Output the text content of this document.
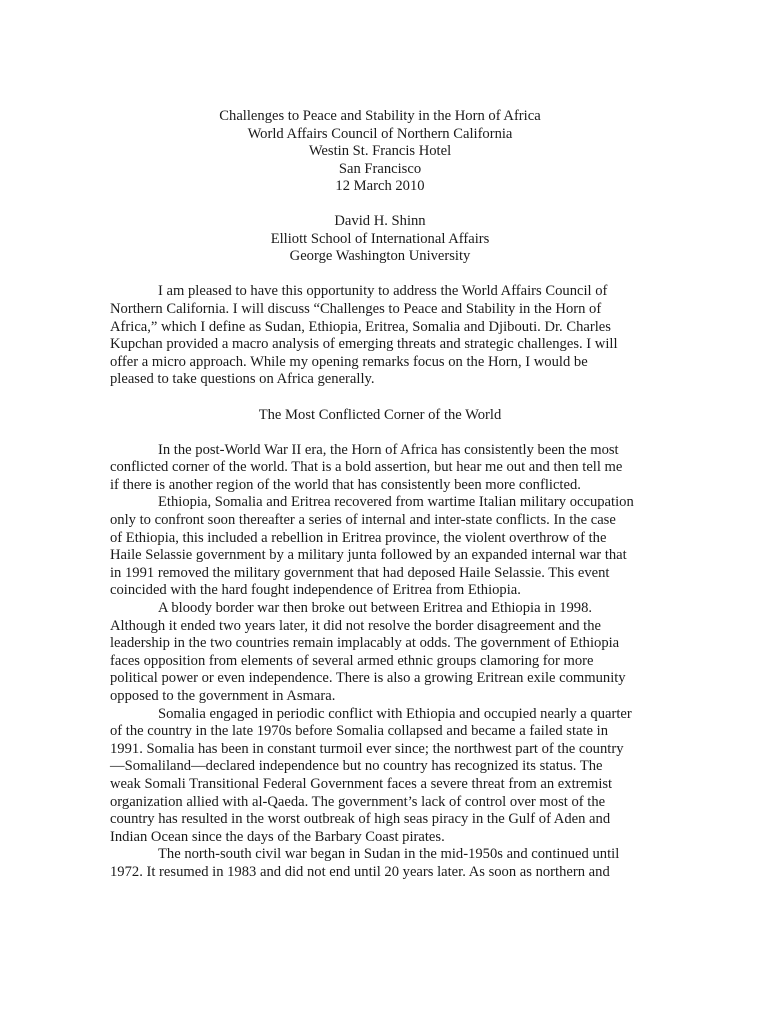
Challenges to Peace and Stability in the Horn of Africa
World Affairs Council of Northern California
Westin St. Francis Hotel
San Francisco
12 March 2010
David H. Shinn
Elliott School of International Affairs
George Washington University
I am pleased to have this opportunity to address the World Affairs Council of
Northern California. I will discuss “Challenges to Peace and Stability in the Horn of
Africa,” which I define as Sudan, Ethiopia, Eritrea, Somalia and Djibouti. Dr. Charles
Kupchan provided a macro analysis of emerging threats and strategic challenges. I will
offer a micro approach. While my opening remarks focus on the Horn, I would be
pleased to take questions on Africa generally.
The Most Conflicted Corner of the World
In the post-World War II era, the Horn of Africa has consistently been the most
conflicted corner of the world. That is a bold assertion, but hear me out and then tell me
if there is another region of the world that has consistently been more conflicted.
Ethiopia, Somalia and Eritrea recovered from wartime Italian military occupation
only to confront soon thereafter a series of internal and inter-state conflicts. In the case
of Ethiopia, this included a rebellion in Eritrea province, the violent overthrow of the
Haile Selassie government by a military junta followed by an expanded internal war that
in 1991 removed the military government that had deposed Haile Selassie. This event
coincided with the hard fought independence of Eritrea from Ethiopia.
A bloody border war then broke out between Eritrea and Ethiopia in 1998.
Although it ended two years later, it did not resolve the border disagreement and the
leadership in the two countries remain implacably at odds. The government of Ethiopia
faces opposition from elements of several armed ethnic groups clamoring for more
political power or even independence. There is also a growing Eritrean exile community
opposed to the government in Asmara.
Somalia engaged in periodic conflict with Ethiopia and occupied nearly a quarter
of the country in the late 1970s before Somalia collapsed and became a failed state in
1991. Somalia has been in constant turmoil ever since; the northwest part of the country
—Somaliland—declared independence but no country has recognized its status. The
weak Somali Transitional Federal Government faces a severe threat from an extremist
organization allied with al-Qaeda. The government’s lack of control over most of the
country has resulted in the worst outbreak of high seas piracy in the Gulf of Aden and
Indian Ocean since the days of the Barbary Coast pirates.
The north-south civil war began in Sudan in the mid-1950s and continued until
1972. It resumed in 1983 and did not end until 20 years later. As soon as northern and
